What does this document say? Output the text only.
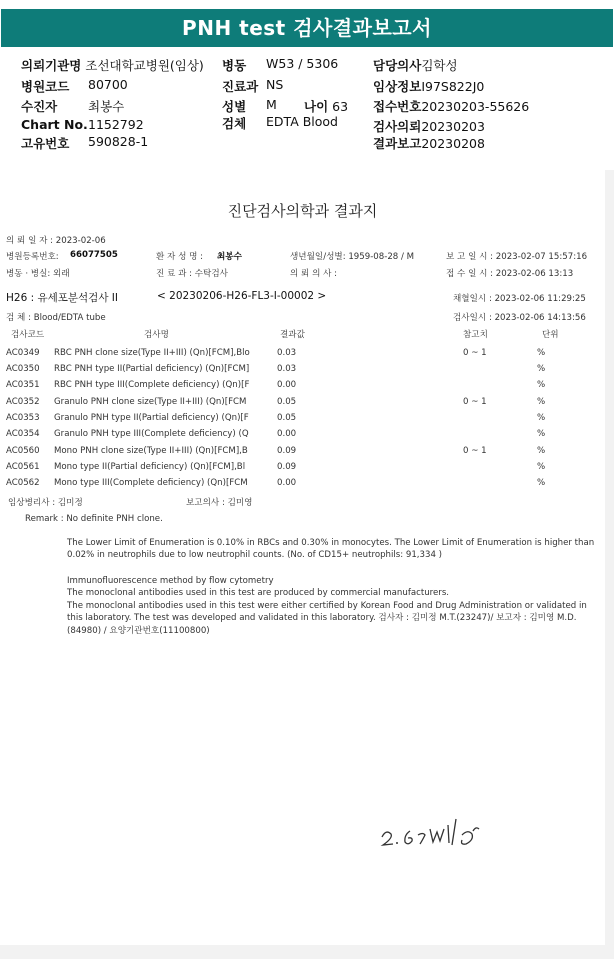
PNH test 검사결과보고서
의뢰기관명 조선대학교병원(임상) 병동 W53 / 5306	담당의사김학성
병원코드 80700	진료과 NS	임상정보I97S822J0
수진자 최봉수	성별 M 나이 63 접수번호20230203-55626
Chart No. 1152792	검체 EDTA Blood	검사의뢰20230203
고유번호 590828-1	결과보고20230208
진단검사의학과 결과지
의 뢰 일 자 : 2023-02-06
병원등록번호: 66077505	환 자 성 명 : 최봉수	생년월일/성별: 1959-08-28 / M	보 고 일 시 : 2023-02-07 15:57:16
병동 · 병실: 외래	진 료 과 : 수탁검사	의 뢰 의 사 :	접 수 일 시 : 2023-02-06 13:13
H26 : 유세포분석검사 II	< 20230206-H26-FL3-I-00002 >	채혈일시 : 2023-02-06 11:29:25
검 체 : Blood/EDTA tube	검사일시 : 2023-02-06 14:13:56
검사코드	검사명	결과값	참고치	단위
AC0349 RBC PNH clone size(Type II+III) (Qn)[FCM],Blo	0.03	0 ~ 1	%
AC0350 RBC PNH type II(Partial deficiency) (Qn)[FCM]	0.03	%
AC0351 RBC PNH type III(Complete deficiency) (Qn)[F	0.00	%
AC0352 Granulo PNH clone size(Type II+III) (Qn)[FCM	0.05	0 ~ 1	%
AC0353 Granulo PNH type II(Partial deficiency) (Qn)[F	0.05	%
AC0354 Granulo PNH type III(Complete deficiency) (Q	0.00	%
AC0560 Mono PNH clone size(Type II+III) (Qn)[FCM],B	0.09	0 ~ 1	%
AC0561 Mono type II(Partial deficiency) (Qn)[FCM],Bl	0.09	%
AC0562 Mono type III(Complete deficiency) (Qn)[FCM	0.00	%
임상병리사 : 김미정	보고의사 : 김미영
Remark : No definite PNH clone.
The Lower Limit of Enumeration is 0.10% in RBCs and 0.30% in monocytes. The Lower Limit of Enumeration is higher than 0.02% in neutrophils due to low neutrophil counts. (No. of CD15+ neutrophils: 91,334 )
Immunofluorescence method by flow cytometry
The monoclonal antibodies used in this test are produced by commercial manufacturers.
The monoclonal antibodies used in this test were either certified by Korean Food and Drug Administration or validated in this laboratory. The test was developed and validated in this laboratory. 검사자 : 김미정 M.T.(23247)/ 보고자 : 김미영 M.D.(84980) / 요양기관번호(11100800)
